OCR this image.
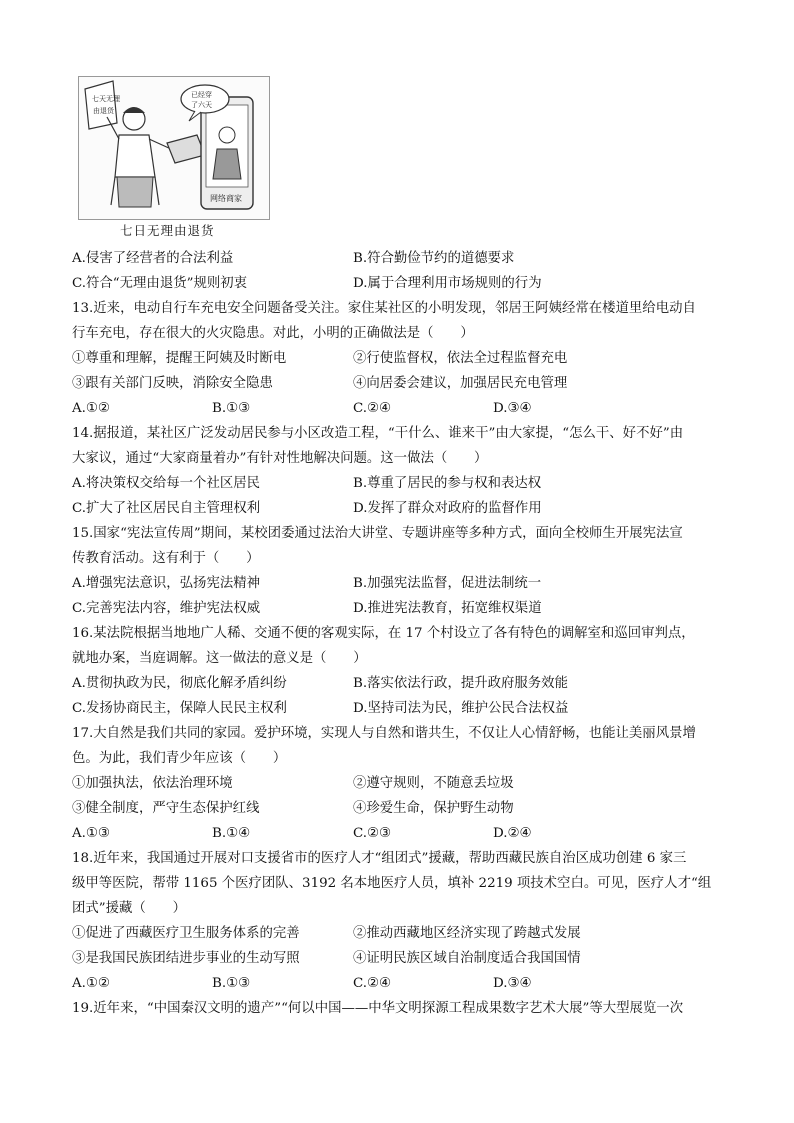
七天无理
由退货
已经穿
了六天
网络商家
七日无理由退货
A.侵害了经营者的合法利益	B.符合勤俭节约的道德要求
C.符合“无理由退货”规则初衷	D.属于合理利用市场规则的行为
13.近来，电动自行车充电安全问题备受关注。家住某社区的小明发现，邻居王阿姨经常在楼道里给电动自
行车充电，存在很大的火灾隐患。对此，小明的正确做法是（　　）
①尊重和理解，提醒王阿姨及时断电	②行使监督权，依法全过程监督充电
③跟有关部门反映，消除安全隐患	④向居委会建议，加强居民充电管理
A.①②	B.①③	C.②④	D.③④
14.据报道，某社区广泛发动居民参与小区改造工程，“干什么、谁来干”由大家提，“怎么干、好不好”由
大家议，通过“大家商量着办”有针对性地解决问题。这一做法（　　）
A.将决策权交给每一个社区居民	B.尊重了居民的参与权和表达权
C.扩大了社区居民自主管理权利	D.发挥了群众对政府的监督作用
15.国家“宪法宣传周”期间，某校团委通过法治大讲堂、专题讲座等多种方式，面向全校师生开展宪法宣
传教育活动。这有利于（　　）
A.增强宪法意识，弘扬宪法精神	B.加强宪法监督，促进法制统一
C.完善宪法内容，维护宪法权威	D.推进宪法教育，拓宽维权渠道
16.某法院根据当地地广人稀、交通不便的客观实际，在 17 个村设立了各有特色的调解室和巡回审判点，
就地办案，当庭调解。这一做法的意义是（　　）
A.贯彻执政为民，彻底化解矛盾纠纷	B.落实依法行政，提升政府服务效能
C.发扬协商民主，保障人民民主权利	D.坚持司法为民，维护公民合法权益
17.大自然是我们共同的家园。爱护环境，实现人与自然和谐共生，不仅让人心情舒畅，也能让美丽风景增
色。为此，我们青少年应该（　　）
①加强执法，依法治理环境	②遵守规则，不随意丢垃圾
③健全制度，严守生态保护红线	④珍爱生命，保护野生动物
A.①③	B.①④	C.②③	D.②④
18.近年来，我国通过开展对口支援省市的医疗人才“组团式”援藏，帮助西藏民族自治区成功创建 6 家三
级甲等医院，帮带 1165 个医疗团队、3192 名本地医疗人员，填补 2219 项技术空白。可见，医疗人才“组
团式”援藏（　　）
①促进了西藏医疗卫生服务体系的完善	②推动西藏地区经济实现了跨越式发展
③是我国民族团结进步事业的生动写照	④证明民族区域自治制度适合我国国情
A.①②	B.①③	C.②④	D.③④
19.近年来，“中国秦汉文明的遗产”“何以中国——中华文明探源工程成果数字艺术大展”等大型展览一次
